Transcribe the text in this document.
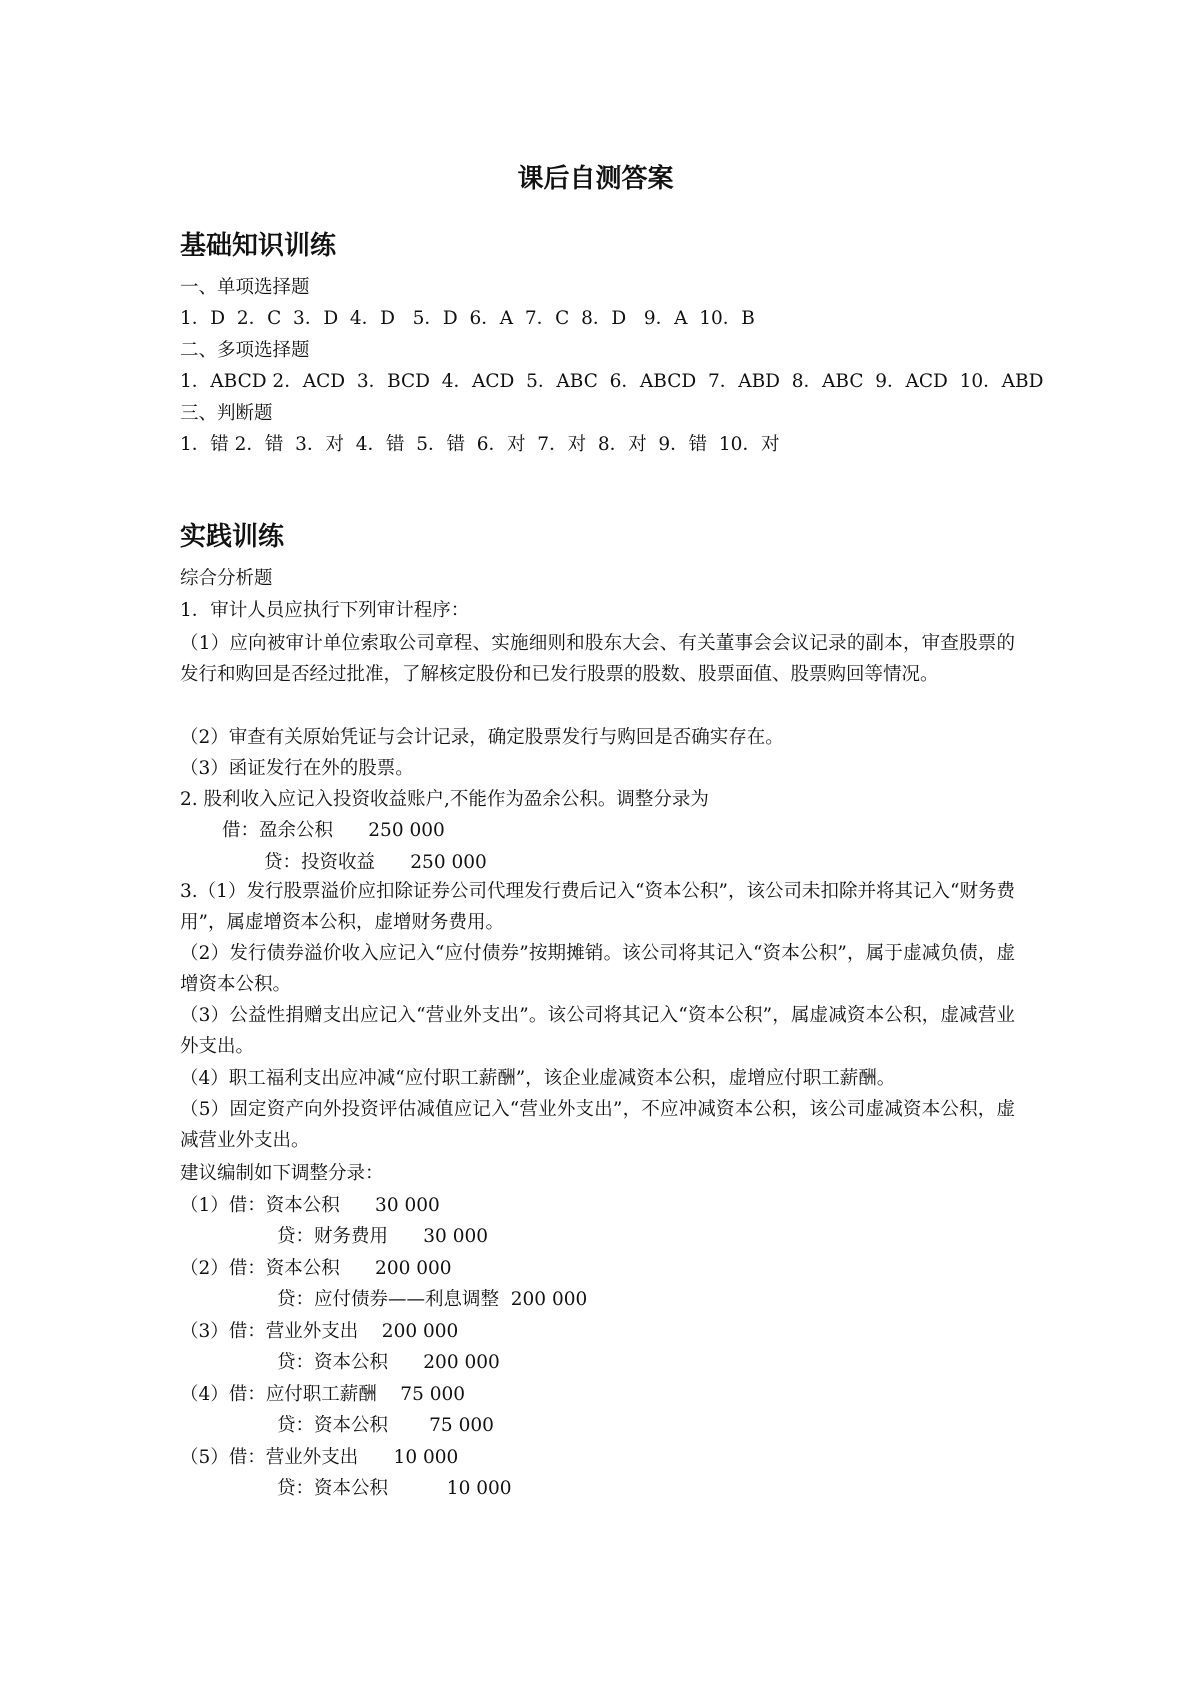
课后自测答案
基础知识训练
一、单项选择题
1．D  2．C  3．D  4．D   5．D  6．A  7．C  8．D   9．A  10．B
二、多项选择题
1．ABCD 2．ACD  3．BCD  4．ACD  5．ABC  6．ABCD  7．ABD  8．ABC  9．ACD  10．ABD
三、判断题
1．错 2．错  3．对  4．错  5．错  6．对  7．对  8．对  9．错  10．对
实践训练
综合分析题
1．审计人员应执行下列审计程序：
（1）应向被审计单位索取公司章程、实施细则和股东大会、有关董事会会议记录的副本，审查股票的发行和购回是否经过批准，了解核定股份和已发行股票的股数、股票面值、股票购回等情况。
（2）审查有关原始凭证与会计记录，确定股票发行与购回是否确实存在。
（3）函证发行在外的股票。
2. 股利收入应记入投资收益账户,不能作为盈余公积。调整分录为
借：盈余公积      250 000
贷：投资收益      250 000
3.（1）发行股票溢价应扣除证券公司代理发行费后记入“资本公积”，该公司未扣除并将其记入“财务费用”，属虚增资本公积，虚增财务费用。
（2）发行债券溢价收入应记入“应付债券”按期摊销。该公司将其记入“资本公积”，属于虚减负债，虚增资本公积。
（3）公益性捐赠支出应记入“营业外支出”。该公司将其记入“资本公积”，属虚减资本公积，虚减营业外支出。
（4）职工福利支出应冲减“应付职工薪酬”，该企业虚减资本公积，虚增应付职工薪酬。
（5）固定资产向外投资评估减值应记入“营业外支出”，不应冲减资本公积，该公司虚减资本公积，虚减营业外支出。
建议编制如下调整分录：
（1）借：资本公积      30 000
贷：财务费用      30 000
（2）借：资本公积      200 000
贷：应付债券——利息调整  200 000
（3）借：营业外支出    200 000
贷：资本公积      200 000
（4）借：应付职工薪酬    75 000
贷：资本公积       75 000
（5）借：营业外支出      10 000
贷：资本公积          10 000
